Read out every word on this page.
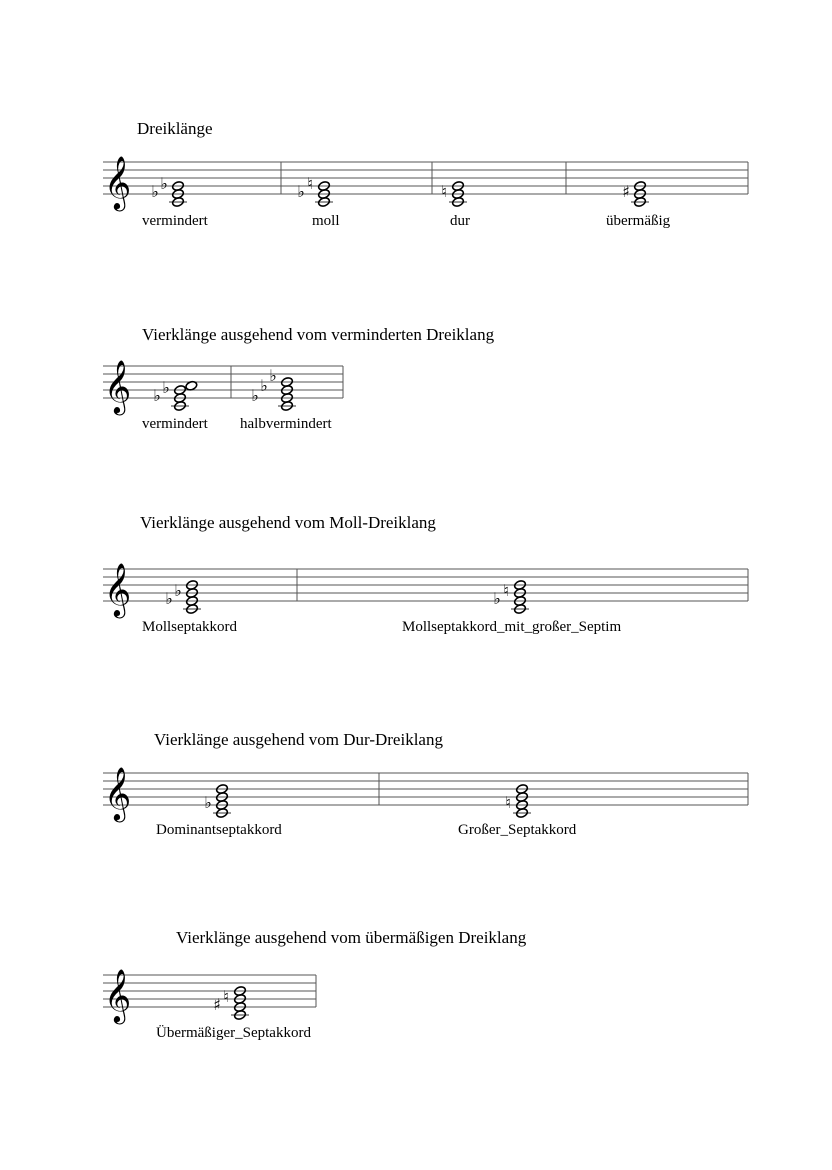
Dreiklänge
𝄞 ♭ ♭	♭ ♮	♮	♯
𝄞 ♭ ♭	♭
♭
♭
𝄞 ♭ ♭	♭ ♮
𝄞	♭	♮
𝄞	♯ ♮
vermindert	moll	dur	übermäßig
Vierklänge ausgehend vom verminderten Dreiklang
vermindert halbvermindert
Vierklänge ausgehend vom Moll-Dreiklang
Mollseptakkord	Mollseptakkord_mit_großer_Septim
Vierklänge ausgehend vom Dur-Dreiklang
Dominantseptakkord	Großer_Septakkord
Vierklänge ausgehend vom übermäßigen Dreiklang
Übermäßiger_Septakkord
